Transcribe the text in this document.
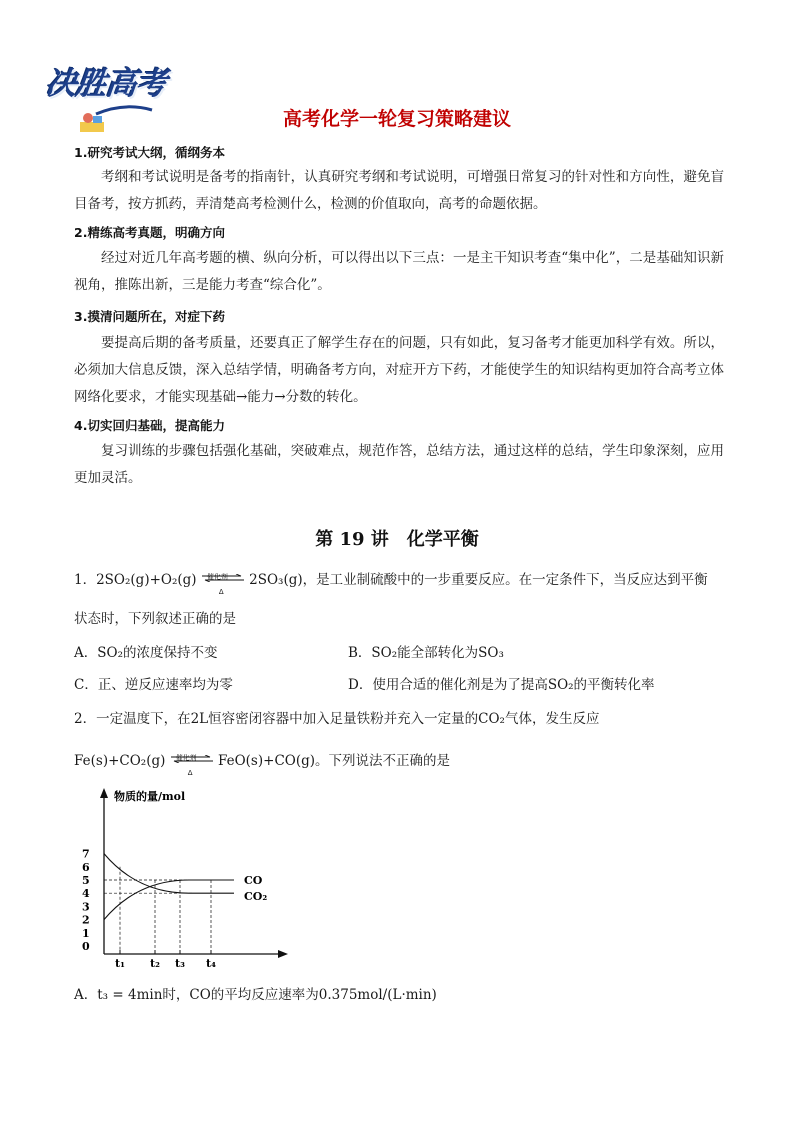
决胜高考
高考化学一轮复习策略建议
1.研究考试大纲，循纲务本
考纲和考试说明是备考的指南针，认真研究考纲和考试说明，可增强日常复习的针对性和方向性，避免盲目备考，按方抓药，弄清楚高考检测什么，检测的价值取向，高考的命题依据。
2.精练高考真题，明确方向
经过对近几年高考题的横、纵向分析，可以得出以下三点：一是主干知识考查“集中化”，二是基础知识新视角，推陈出新，三是能力考查“综合化”。
3.摸清问题所在，对症下药
要提高后期的备考质量，还要真正了解学生存在的问题，只有如此，复习备考才能更加科学有效。所以，必须加大信息反馈，深入总结学情，明确备考方向，对症开方下药，才能使学生的知识结构更加符合高考立体网络化要求，才能实现基础→能力→分数的转化。
4.切实回归基础，提高能力
复习训练的步骤包括强化基础，突破难点，规范作答，总结方法，通过这样的总结，学生印象深刻，应用更加灵活。
第 19 讲　化学平衡
1．2SO₂(g)+O₂(g) 催化剂
Δ
2SO₃(g)，是工业制硫酸中的一步重要反应。在一定条件下，当反应达到平衡
状态时，下列叙述正确的是
A．SO₂的浓度保持不变	B．SO₂能全部转化为SO₃
C．正、逆反应速率均为零	D．使用合适的催化剂是为了提高SO₂的平衡转化率
2．一定温度下，在2L恒容密闭容器中加入足量铁粉并充入一定量的CO₂气体，发生反应
Fe(s)+CO₂(g) 催化剂
Δ
FeO(s)+CO(g)。下列说法不正确的是
物质的量/mol
0
1
2
3
4
5
6
7
t₁ t₂ t₃ t₄
CO
CO₂
A．t₃ = 4min时，CO的平均反应速率为0.375mol/(L·min)
